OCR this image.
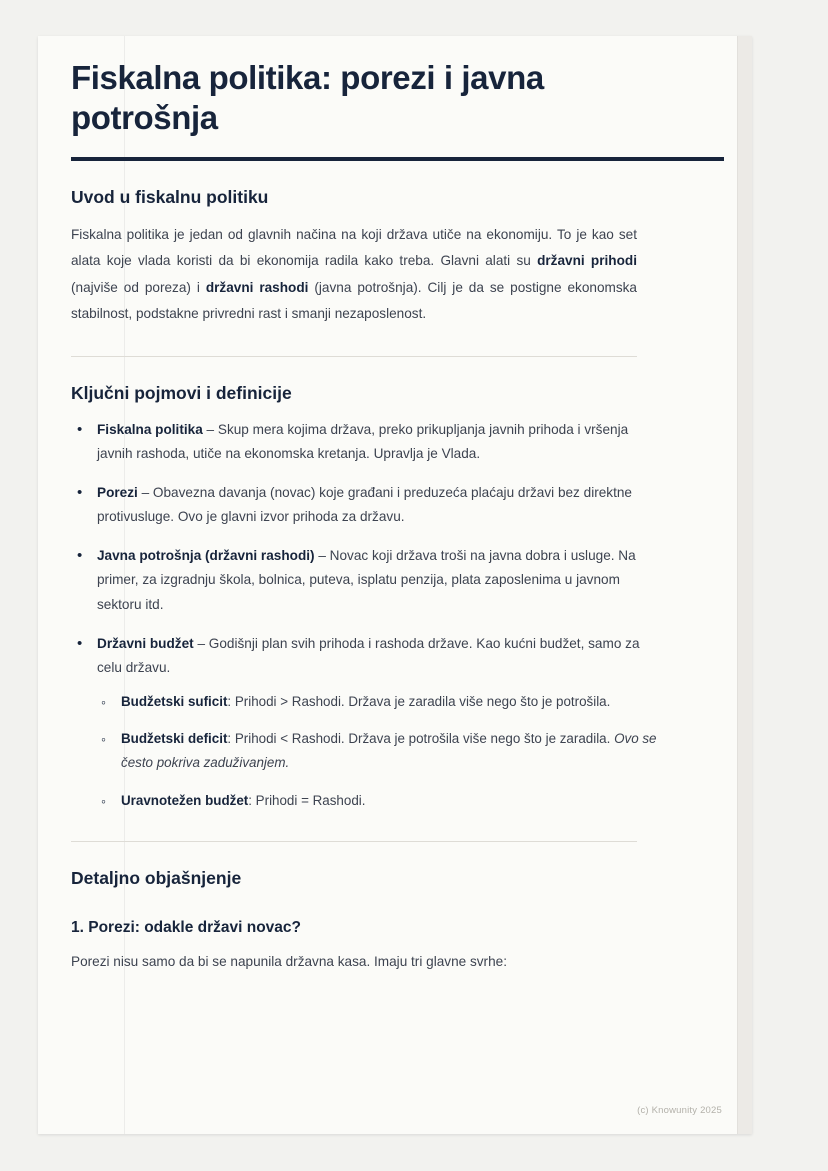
Fiskalna politika: porezi i javna potrošnja
Uvod u fiskalnu politiku

Fiskalna politika je jedan od glavnih načina na koji država utiče na ekonomiju. To je kao set alata koje vlada koristi da bi ekonomija radila kako treba. Glavni alati su državni prihodi (najviše od poreza) i državni rashodi (javna potrošnja). Cilj je da se postigne ekonomska stabilnost, podstakne privredni rast i smanji nezaposlenost.

Ključni pojmovi i definicije
• Fiskalna politika – Skup mera kojima država, preko prikupljanja javnih prihoda i vršenja javnih rashoda, utiče na ekonomska kretanja. Upravlja je Vlada.
• Porezi – Obavezna davanja (novac) koje građani i preduzeća plaćaju državi bez direktne protivusluge. Ovo je glavni izvor prihoda za državu.
• Javna potrošnja (državni rashodi) – Novac koji država troši na javna dobra i usluge. Na primer, za izgradnju škola, bolnica, puteva, isplatu penzija, plata zaposlenima u javnom sektoru itd.
• Državni budžet – Godišnji plan svih prihoda i rashoda države. Kao kućni budžet, samo za celu državu.
◦ Budžetski suficit: Prihodi > Rashodi. Država je zaradila više nego što je potrošila.
◦ Budžetski deficit: Prihodi < Rashodi. Država je potrošila više nego što je zaradila. Ovo se često pokriva zaduživanjem.
◦ Uravnotežen budžet: Prihodi = Rashodi.
Detaljno objašnjenje
1. Porezi: odakle državi novac?

Porezi nisu samo da bi se napunila državna kasa. Imaju tri glavne svrhe:

(c) Knowunity 2025
